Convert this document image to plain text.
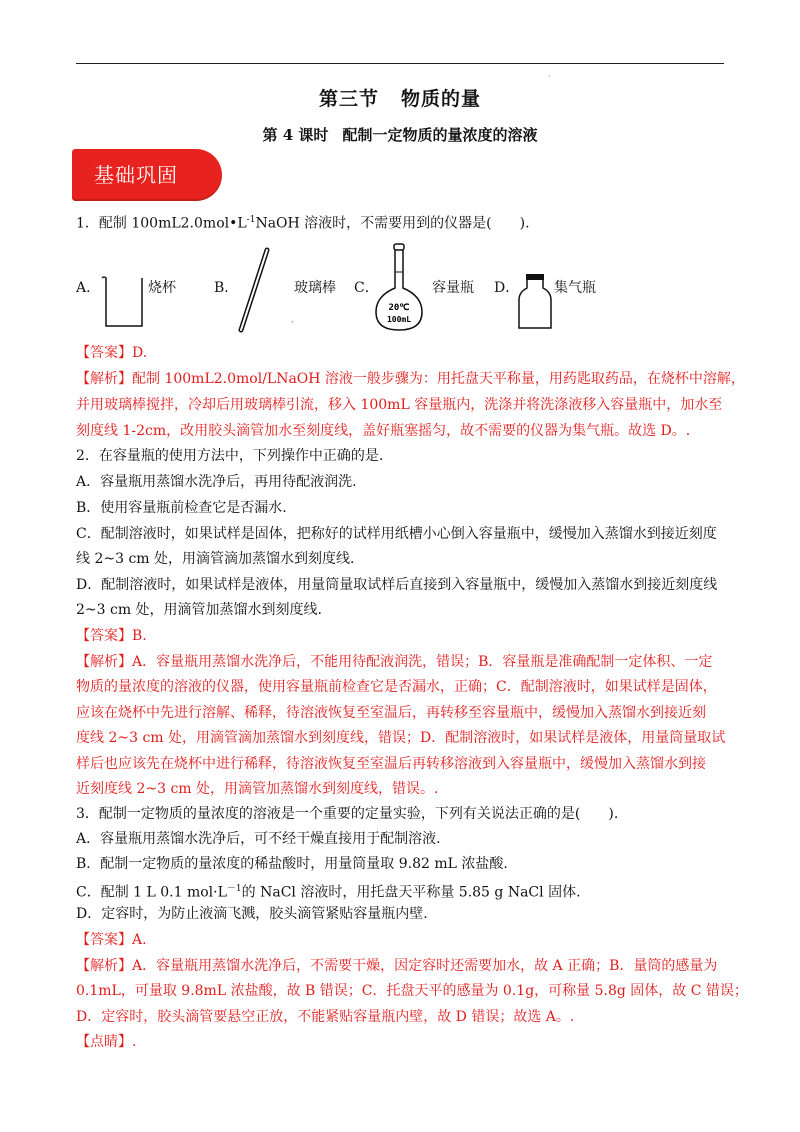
·
第三节 物质的量
第 4 课时 配制一定物质的量浓度的溶液
基础巩固
1．配制 $100mL2.0mol•L^{-1}NaOH$ 溶液时，不需要用到的仪器是(　　).
A．	烧杯	B．	玻璃棒
·
C．
20℃
100mL
容量瓶 D． 集气瓶
【答案】D.
【解析】配制 100mL2.0mol/LNaOH 溶液一般步骤为：用托盘天平称量，用药匙取药品，在烧杯中溶解，
并用玻璃棒搅拌，冷却后用玻璃棒引流，移入 100mL 容量瓶内，洗涤并将洗涤液移入容量瓶中，加水至
刻度线 1-2cm，改用胶头滴管加水至刻度线，盖好瓶塞摇匀，故不需要的仪器为集气瓶。故选 D。.
2．在容量瓶的使用方法中，下列操作中正确的是.
A．容量瓶用蒸馏水洗净后，再用待配液润洗.
B．使用容量瓶前检查它是否漏水.
C．配制溶液时，如果试样是固体，把称好的试样用纸槽小心倒入容量瓶中，缓慢加入蒸馏水到接近刻度
线 2~3 cm 处，用滴管滴加蒸馏水到刻度线.
D．配制溶液时，如果试样是液体，用量筒量取试样后直接到入容量瓶中，缓慢加入蒸馏水到接近刻度线
2~3 cm 处，用滴管加蒸馏水到刻度线.
【答案】B.
【解析】A．容量瓶用蒸馏水洗净后，不能用待配液润洗，错误；B．容量瓶是准确配制一定体积、一定
物质的量浓度的溶液的仪器，使用容量瓶前检查它是否漏水，正确；C．配制溶液时，如果试样是固体，
应该在烧杯中先进行溶解、稀释，待溶液恢复至室温后，再转移至容量瓶中，缓慢加入蒸馏水到接近刻
度线 2~3 cm 处，用滴管滴加蒸馏水到刻度线，错误；D．配制溶液时，如果试样是液体，用量筒量取试
样后也应该先在烧杯中进行稀释，待溶液恢复至室温后再转移溶液到入容量瓶中，缓慢加入蒸馏水到接
近刻度线 2~3 cm 处，用滴管加蒸馏水到刻度线，错误。.
3．配制一定物质的量浓度的溶液是一个重要的定量实验，下列有关说法正确的是(　　).
A．容量瓶用蒸馏水洗净后，可不经干燥直接用于配制溶液.
B．配制一定物质的量浓度的稀盐酸时，用量筒量取 9.82 mL 浓盐酸.
C．配制 1 L 0.1 $mol\cdot L^{-1}$的 NaCl 溶液时，用托盘天平称量 5.85 g NaCl 固体.
D．定容时，为防止液滴飞溅，胶头滴管紧贴容量瓶内壁.
【答案】A.
【解析】A．容量瓶用蒸馏水洗净后，不需要干燥，因定容时还需要加水，故 A 正确；B．量筒的感量为
0.1mL，可量取 9.8mL 浓盐酸，故 B 错误；C．托盘天平的感量为 0.1g，可称量 5.8g 固体，故 C 错误；
D．定容时，胶头滴管要悬空正放，不能紧贴容量瓶内壁，故 D 错误；故选 A。.
【点睛】.
